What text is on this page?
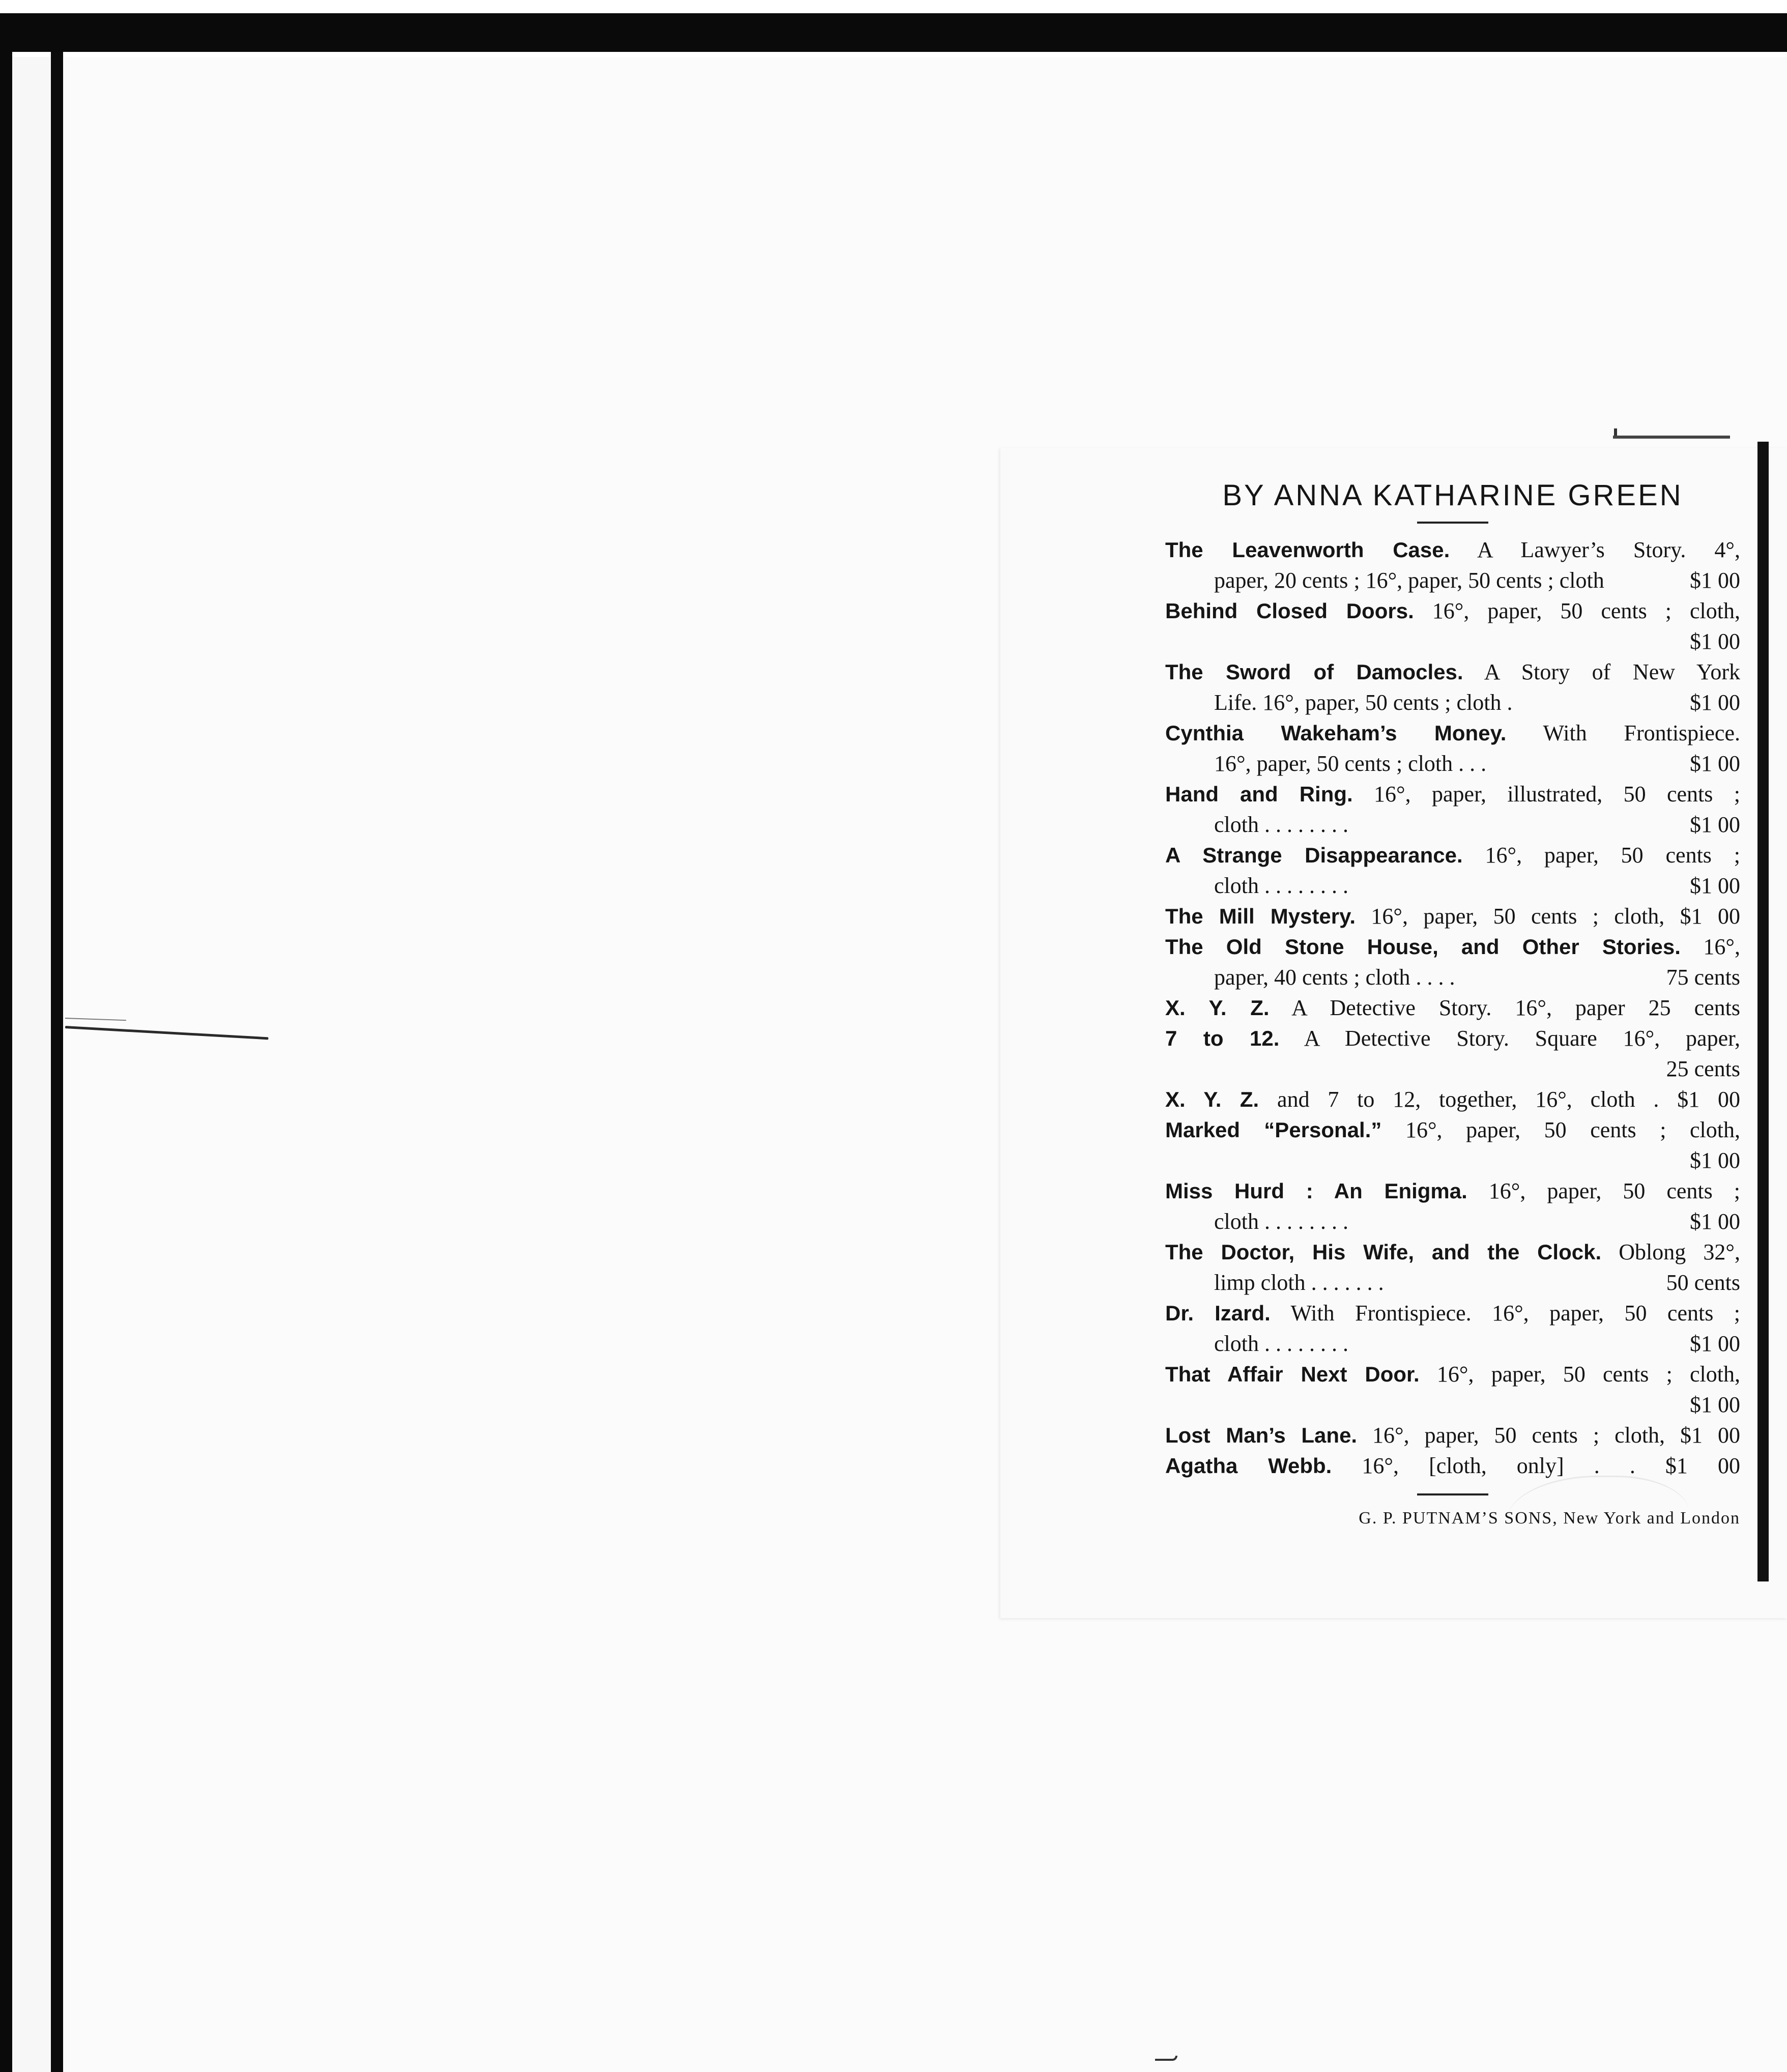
BY ANNA KATHARINE GREEN
The Leavenworth Case. A Lawyer’s Story. 4°,
paper, 20 cents ; 16°, paper, 50 cents ; cloth	$1 00
Behind Closed Doors. 16°, paper, 50 cents ; cloth,
$1 00
The Sword of Damocles. A Story of New York
Life. 16°, paper, 50 cents ; cloth .	$1 00
Cynthia Wakeham’s Money. With Frontispiece.
16°, paper, 50 cents ; cloth . . .	$1 00
Hand and Ring. 16°, paper, illustrated, 50 cents ;
cloth . . . . . . . .	$1 00
A Strange Disappearance. 16°, paper, 50 cents ;
cloth . . . . . . . .	$1 00
The Mill Mystery. 16°, paper, 50 cents ; cloth, $1 00
The Old Stone House, and Other Stories. 16°,
paper, 40 cents ; cloth . . . .	75 cents
X. Y. Z. A Detective Story. 16°, paper 25 cents
7 to 12. A Detective Story. Square 16°, paper,
25 cents
X. Y. Z. and 7 to 12, together, 16°, cloth . $1 00
Marked “Personal.” 16°, paper, 50 cents ; cloth,
$1 00
Miss Hurd : An Enigma. 16°, paper, 50 cents ;
cloth . . . . . . . .	$1 00
The Doctor, His Wife, and the Clock. Oblong 32°,
limp cloth . . . . . . .	50 cents
Dr. Izard. With Frontispiece. 16°, paper, 50 cents ;
cloth . . . . . . . .	$1 00
That Affair Next Door. 16°, paper, 50 cents ; cloth,
$1 00
Lost Man’s Lane. 16°, paper, 50 cents ; cloth, $1 00
Agatha Webb. 16°, [cloth, only] . . $1 00
G. P. PUTNAM’S SONS, New York and London
